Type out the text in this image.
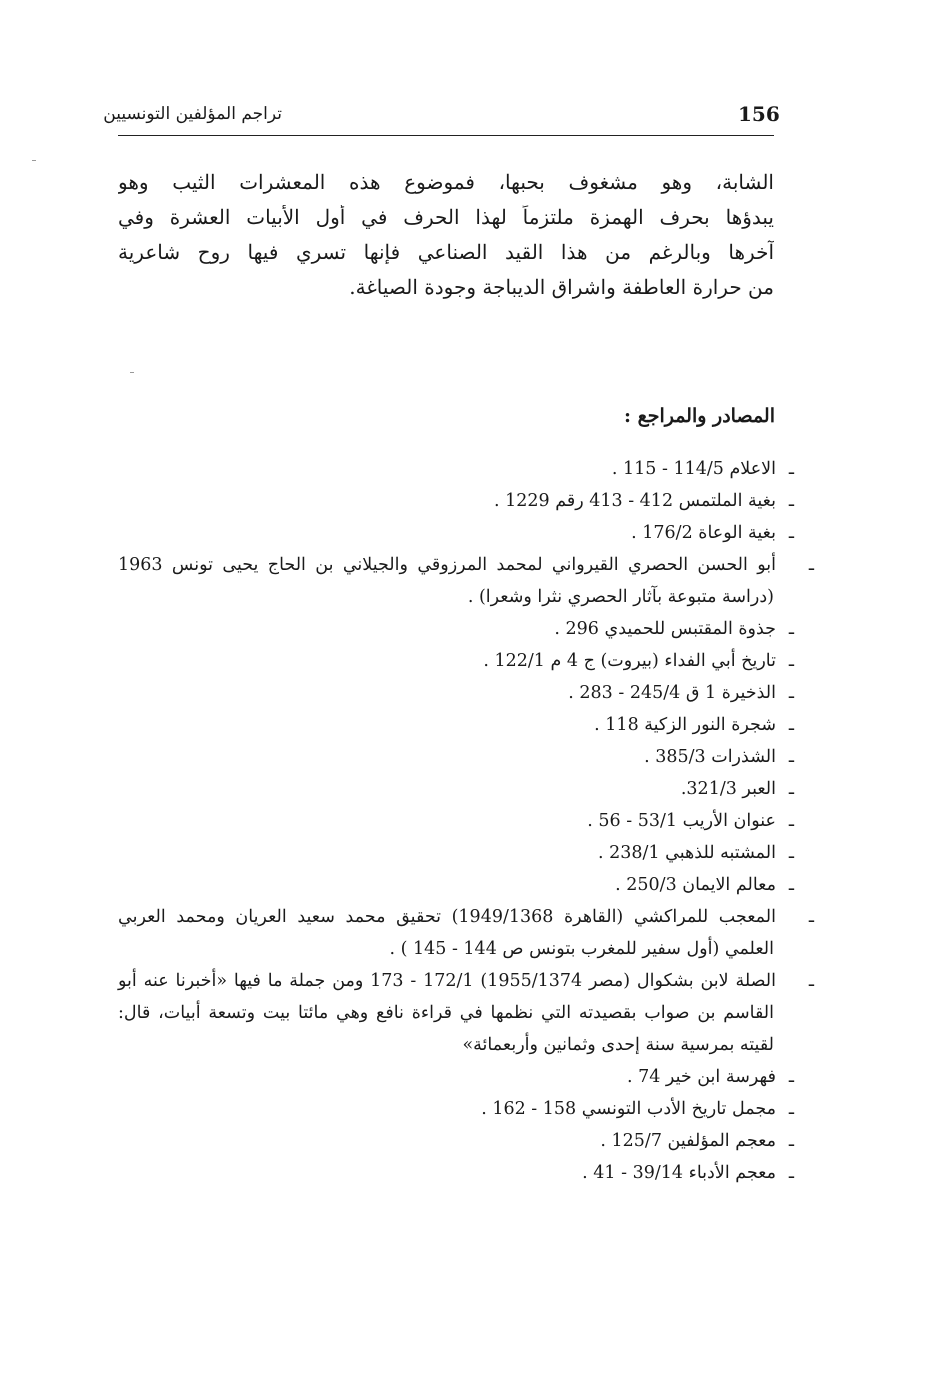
156
تراجم المؤلفين التونسيين
الشابة، وهو مشغوف بحبها، فموضوع هذه المعشرات الثيب وهو
يبدؤها بحرف الهمزة ملتزماً لهذا الحرف في أول الأبيات العشرة وفي
آخرها وبالرغم من هذا القيد الصناعي فإنها تسري فيها روح شاعرية
من حرارة العاطفة واشراق الديباجة وجودة الصياغة.
المصادر والمراجع :
ـالاعلام 114/5 - 115 .
ـبغية الملتمس 412 - 413 رقم 1229 .
ـبغية الوعاة 176/2 .
ـأبو الحسن الحصري القيرواني لمحمد المرزوقي والجيلاني بن الحاج يحيى تونس 1963 (دراسة متبوعة بآثار الحصري نثرا وشعرا) .
ـجذوة المقتبس للحميدي 296 .
ـتاريخ أبي الفداء (بيروت) ج 4 م 122/1 .
ـالذخيرة 1 ق 245/4 - 283 .
ـشجرة النور الزكية 118 .
ـالشذرات 385/3 .
ـالعبر 321/3.
ـعنوان الأريب 53/1 - 56 .
ـالمشتبه للذهبي 238/1 .
ـمعالم الايمان 250/3 .
ـالمعجب للمراكشي (القاهرة 1949/1368) تحقيق محمد سعيد العريان ومحمد العربي العلمي (أول سفير للمغرب بتونس ص 144 - 145 ) .
ـالصلة لابن بشكوال (مصر 1955/1374) 172/1 - 173 ومن جملة ما فيها «أخبرنا عنه أبو القاسم بن صواب بقصيدته التي نظمها في قراءة نافع وهي مائتا بيت وتسعة أبيات، قال: لقيته بمرسية سنة إحدى وثمانين وأربعمائة»
ـفهرسة ابن خير 74 .
ـمجمل تاريخ الأدب التونسي 158 - 162 .
ـمعجم المؤلفين 125/7 .
ـمعجم الأدباء 39/14 - 41 .
